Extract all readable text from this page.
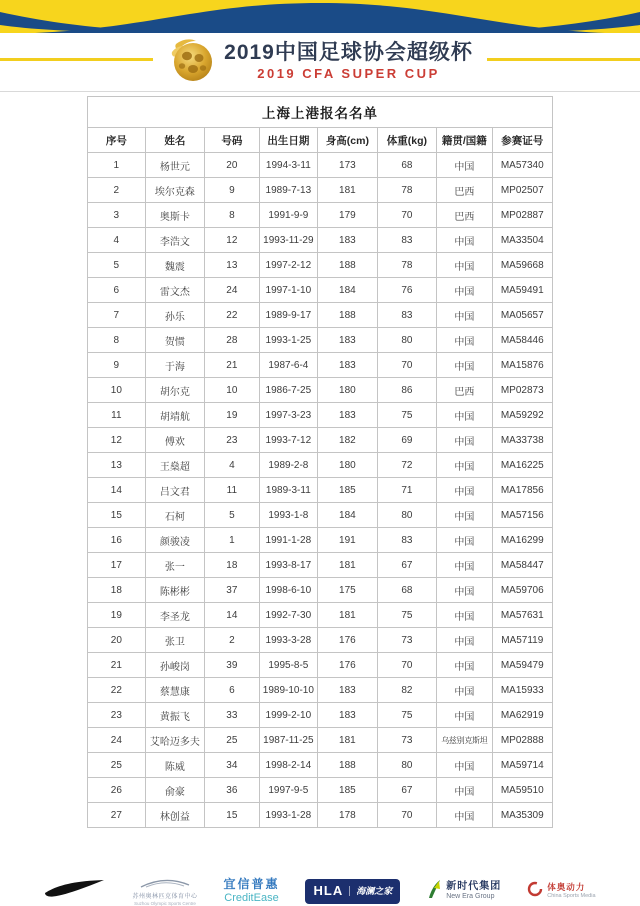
2019中国足球协会超级杯
2019 CFA SUPER CUP
上海上港报名名单							
序号	姓名	号码	出生日期	身高(cm)	体重(kg)	籍贯/国籍	参赛证号
1	杨世元	20	1994-3-11	173	68	中国	MA57340
2	埃尔克森	9	1989-7-13	181	78	巴西	MP02507
3	奥斯卡	8	1991-9-9	179	70	巴西	MP02887
4	李浩文	12	1993-11-29	183	83	中国	MA33504
5	魏震	13	1997-2-12	188	78	中国	MA59668
6	雷文杰	24	1997-1-10	184	76	中国	MA59491
7	孙乐	22	1989-9-17	188	83	中国	MA05657
8	贺惯	28	1993-1-25	183	80	中国	MA58446
9	于海	21	1987-6-4	183	70	中国	MA15876
10	胡尔克	10	1986-7-25	180	86	巴西	MP02873
11	胡靖航	19	1997-3-23	183	75	中国	MA59292
12	傅欢	23	1993-7-12	182	69	中国	MA33738
13	王燊超	4	1989-2-8	180	72	中国	MA16225
14	吕文君	11	1989-3-11	185	71	中国	MA17856
15	石柯	5	1993-1-8	184	80	中国	MA57156
16	颜骏凌	1	1991-1-28	191	83	中国	MA16299
17	张一	18	1993-8-17	181	67	中国	MA58447
18	陈彬彬	37	1998-6-10	175	68	中国	MA59706
19	李圣龙	14	1992-7-30	181	75	中国	MA57631
20	张卫	2	1993-3-28	176	73	中国	MA57119
21	孙峻岗	39	1995-8-5	176	70	中国	MA59479
22	蔡慧康	6	1989-10-10	183	82	中国	MA15933
23	黄振飞	33	1999-2-10	183	75	中国	MA62919
24	艾哈迈多夫	25	1987-11-25	181	73	乌兹别克斯坦	MP02888
25	陈威	34	1998-2-14	188	80	中国	MA59714
26	俞豪	36	1997-9-5	185	67	中国	MA59510
27	林创益	15	1993-1-28	178	70	中国	MA35309
苏州奥林匹克体育中心
Suzhou Olympic Sports Centre
宜信普惠
CreditEase
HLA	海澜之家	新时代集团
New Era Group
体奥动力
China Sports Media
